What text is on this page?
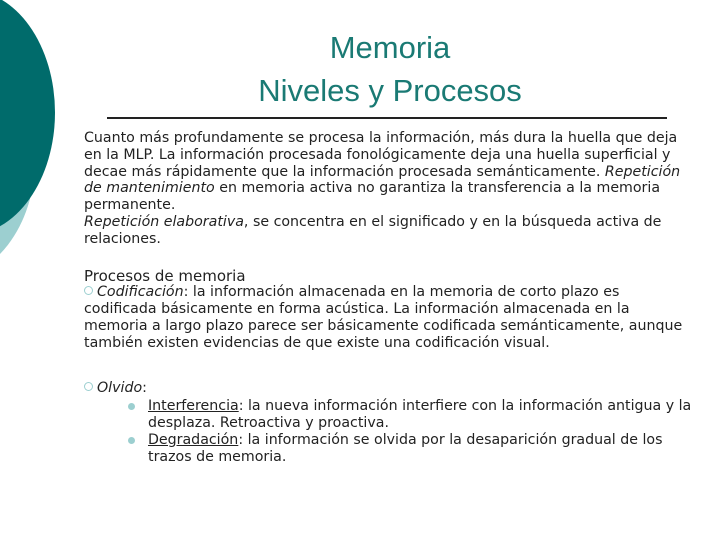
Memoria
Niveles y Procesos

Cuanto más profundamente se procesa la información, más dura la huella que deja en la MLP. La información procesada fonológicamente deja una huella superficial y decae más rápidamente que la información procesada semánticamente. Repetición de mantenimiento en memoria activa no garantiza la transferencia a la memoria permanente.
Repetición elaborativa, se concentra en el significado y en la búsqueda activa de relaciones.

Procesos de memoria

Codificación: la información almacenada en la memoria de corto plazo es codificada básicamente en forma acústica. La información almacenada en la memoria a largo plazo parece ser básicamente codificada semánticamente, aunque también existen evidencias de que existe una codificación visual.

Olvido:

Interferencia: la nueva información interfiere con la información antigua y la desplaza. Retroactiva y proactiva.
Degradación: la información se olvida por la desaparición gradual de los trazos de memoria.
